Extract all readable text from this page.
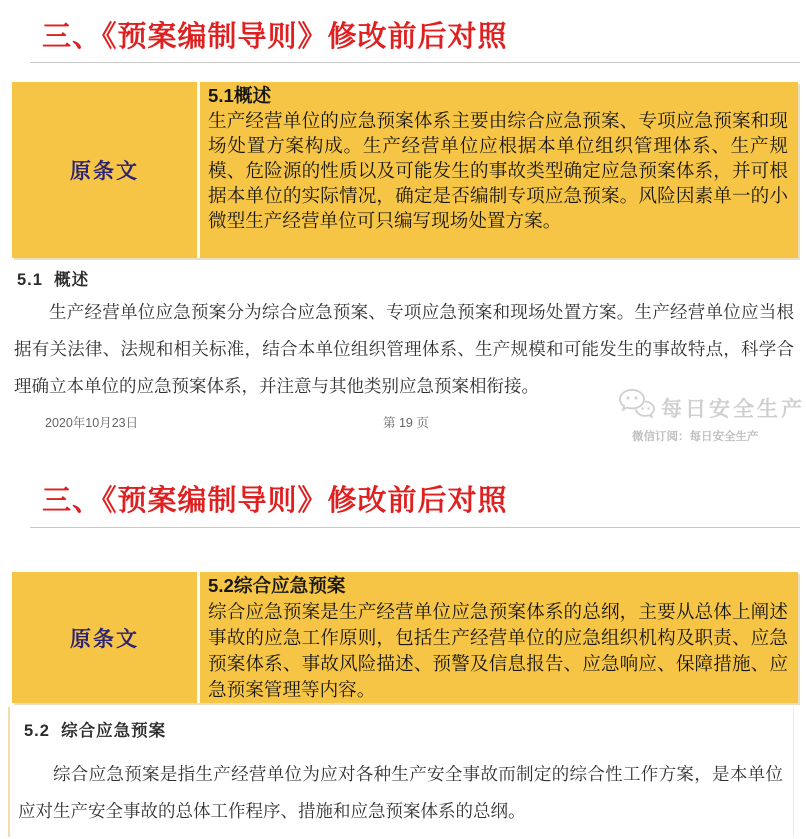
三、《预案编制导则》修改前后对照
原条文
5.1概述
生产经营单位的应急预案体系主要由综合应急预案、专项应急预案和现场处置方案构成。生产经营单位应根据本单位组织管理体系、生产规模、危险源的性质以及可能发生的事故类型确定应急预案体系，并可根据本单位的实际情况，确定是否编制专项应急预案。风险因素单一的小微型生产经营单位可只编写现场处置方案。
5.1  概述

生产经营单位应急预案分为综合应急预案、专项应急预案和现场处置方案。生产经营单位应当根据有关法律、法规和相关标准，结合本单位组织管理体系、生产规模和可能发生的事故特点，科学合理确立本单位的应急预案体系，并注意与其他类别应急预案相衔接。

2020年10月23日	第 19 页
每日安全生产
微信订阅：每日安全生产
三、《预案编制导则》修改前后对照
原条文
5.2综合应急预案
综合应急预案是生产经营单位应急预案体系的总纲，主要从总体上阐述事故的应急工作原则，包括生产经营单位的应急组织机构及职责、应急预案体系、事故风险描述、预警及信息报告、应急响应、保障措施、应急预案管理等内容。
5.2  综合应急预案

综合应急预案是指生产经营单位为应对各种生产安全事故而制定的综合性工作方案，是本单位应对生产安全事故的总体工作程序、措施和应急预案体系的总纲。
